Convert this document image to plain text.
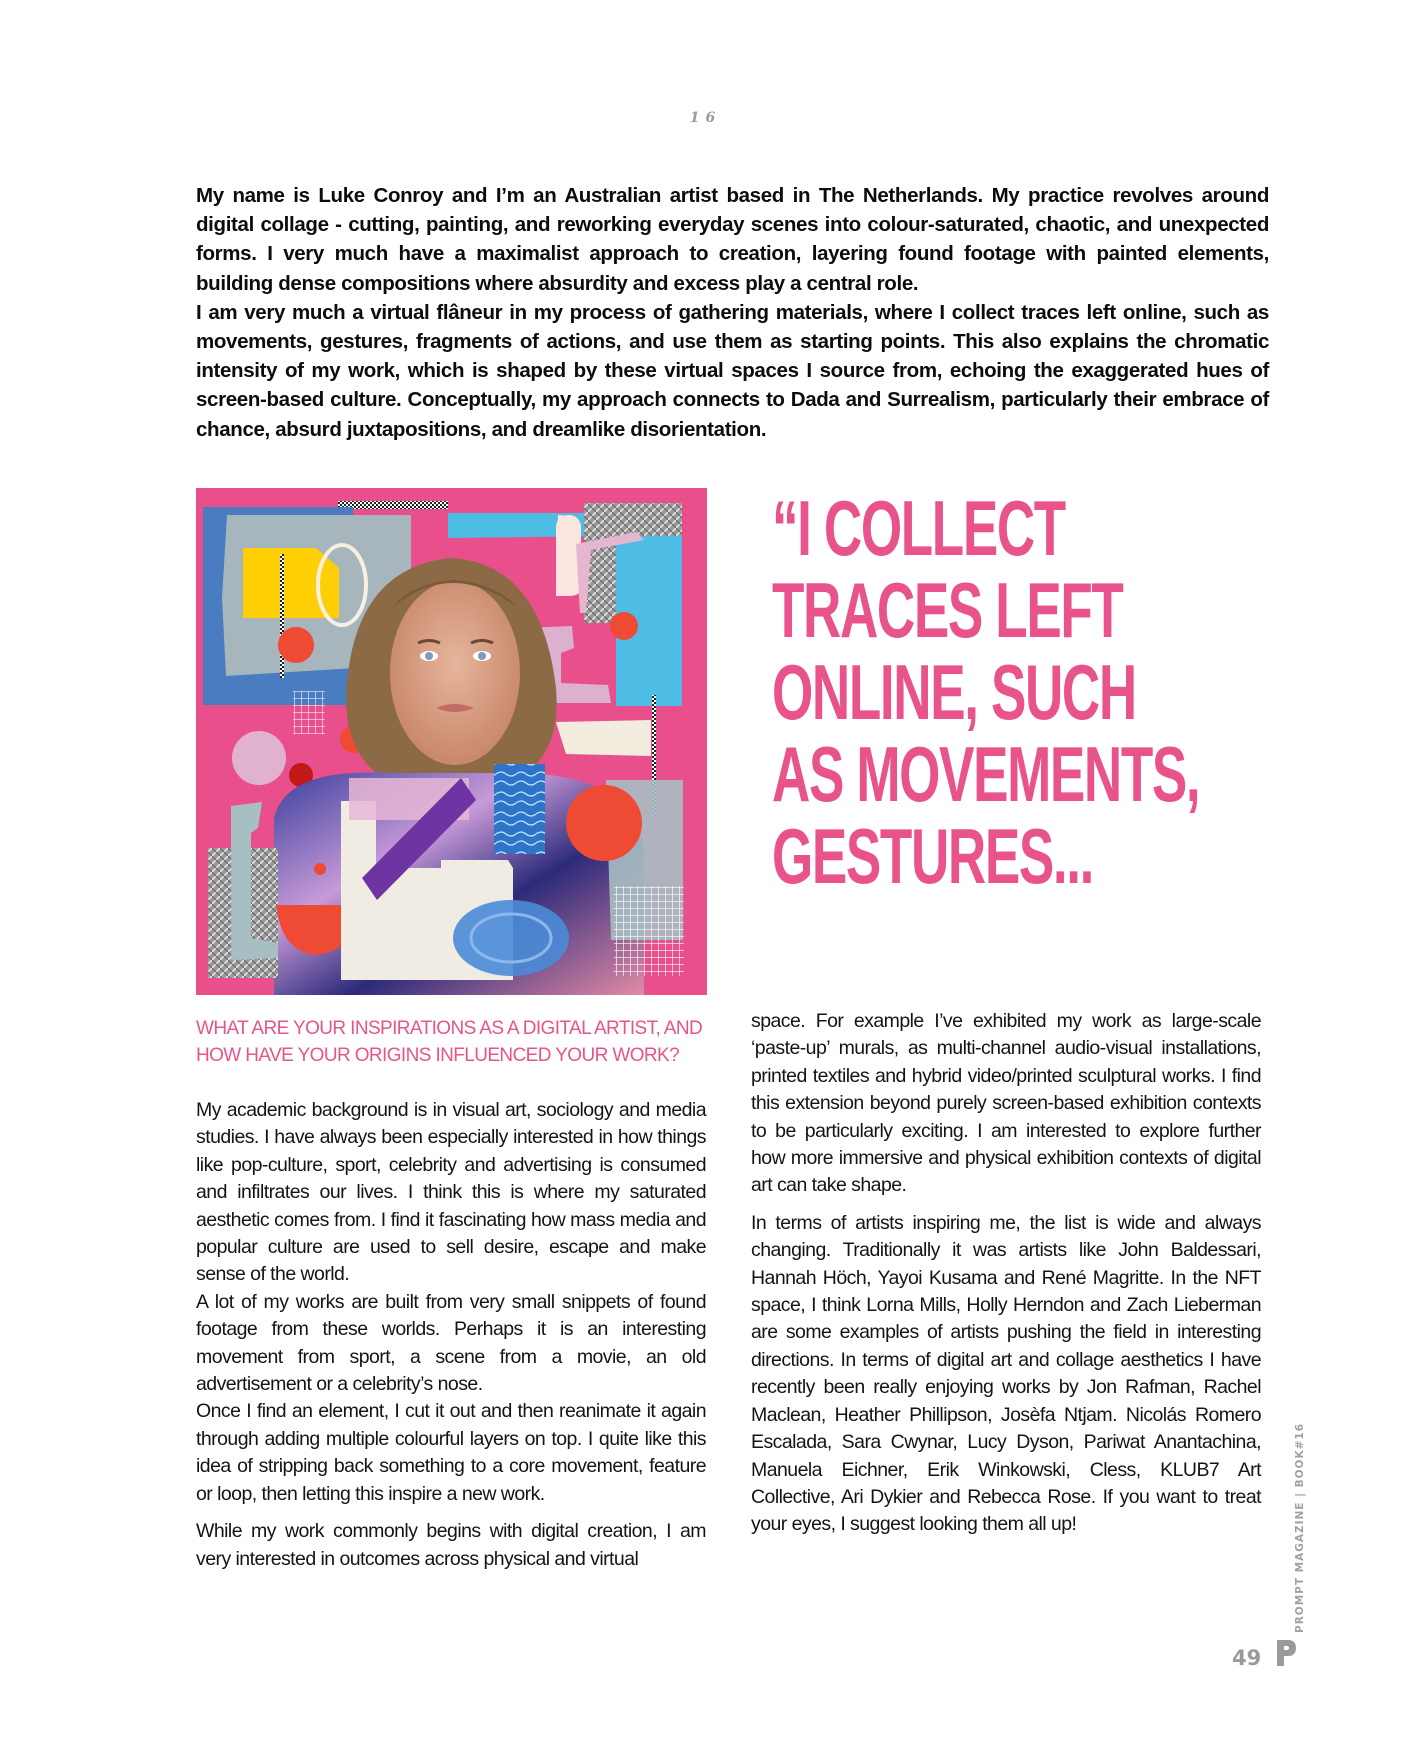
16

My name is Luke Conroy and I’m an Australian artist based in The Netherlands. My practice revolves around digital collage - cutting, painting, and reworking everyday scenes into colour-saturated, chaotic, and unexpected forms. I very much have a maximalist approach to creation, layering found footage with painted elements, building dense compositions where absurdity and excess play a central role.

I am very much a virtual flâneur in my process of gathering materials, where I collect traces left online, such as movements, gestures, fragments of actions, and use them as starting points. This also explains the chromatic intensity of my work, which is shaped by these virtual spaces I source from, echoing the exaggerated hues of screen-based culture. Conceptually, my approach connects to Dada and Surrealism, particularly their embrace of chance, absurd juxtapositions, and dreamlike disorientation.

“I COLLECT
TRACES LEFT
ONLINE, SUCH
AS MOVEMENTS,
GESTURES...
WHAT ARE YOUR INSPIRATIONS AS A DIGITAL ARTIST, AND HOW HAVE YOUR ORIGINS INFLUENCED YOUR WORK?

My academic background is in visual art, sociology and media studies. I have always been especially interested in how things like pop-culture, sport, celebrity and advertising is consumed and infiltrates our lives. I think this is where my saturated aesthetic comes from. I find it fascinating how mass media and popular culture are used to sell desire, escape and make sense of the world.

A lot of my works are built from very small snippets of found footage from these worlds. Perhaps it is an interesting movement from sport, a scene from a movie, an old advertisement or a celebrity’s nose.

Once I find an element, I cut it out and then reanimate it again through adding multiple colourful layers on top. I quite like this idea of stripping back something to a core movement, feature or loop, then letting this inspire a new work.

While my work commonly begins with digital creation, I am very interested in outcomes across physical and virtual

space. For example I’ve exhibited my work as large-scale ‘paste-up’ murals, as multi-channel audio-visual installations, printed textiles and hybrid video/printed sculptural works. I find this extension beyond purely screen-based exhibition contexts to be particularly exciting. I am interested to explore further how more immersive and physical exhibition contexts of digital art can take shape.

In terms of artists inspiring me, the list is wide and always changing. Traditionally it was artists like John Baldessari, Hannah Höch, Yayoi Kusama and René Magritte. In the NFT space, I think Lorna Mills, Holly Herndon and Zach Lieberman are some examples of artists pushing the field in interesting directions. In terms of digital art and collage aesthetics I have recently been really enjoying works by Jon Rafman, Rachel Maclean, Heather Phillipson, Josèfa Ntjam. Nicolás Romero Escalada, Sara Cwynar, Lucy Dyson, Pariwat Anantachina, Manuela Eichner, Erik Winkowski, Cless, KLUB7 Art Collective, Ari Dykier and Rebecca Rose. If you want to treat your eyes, I suggest looking them all up!	PROMPT MAGAZINE | BOOK#16
49
